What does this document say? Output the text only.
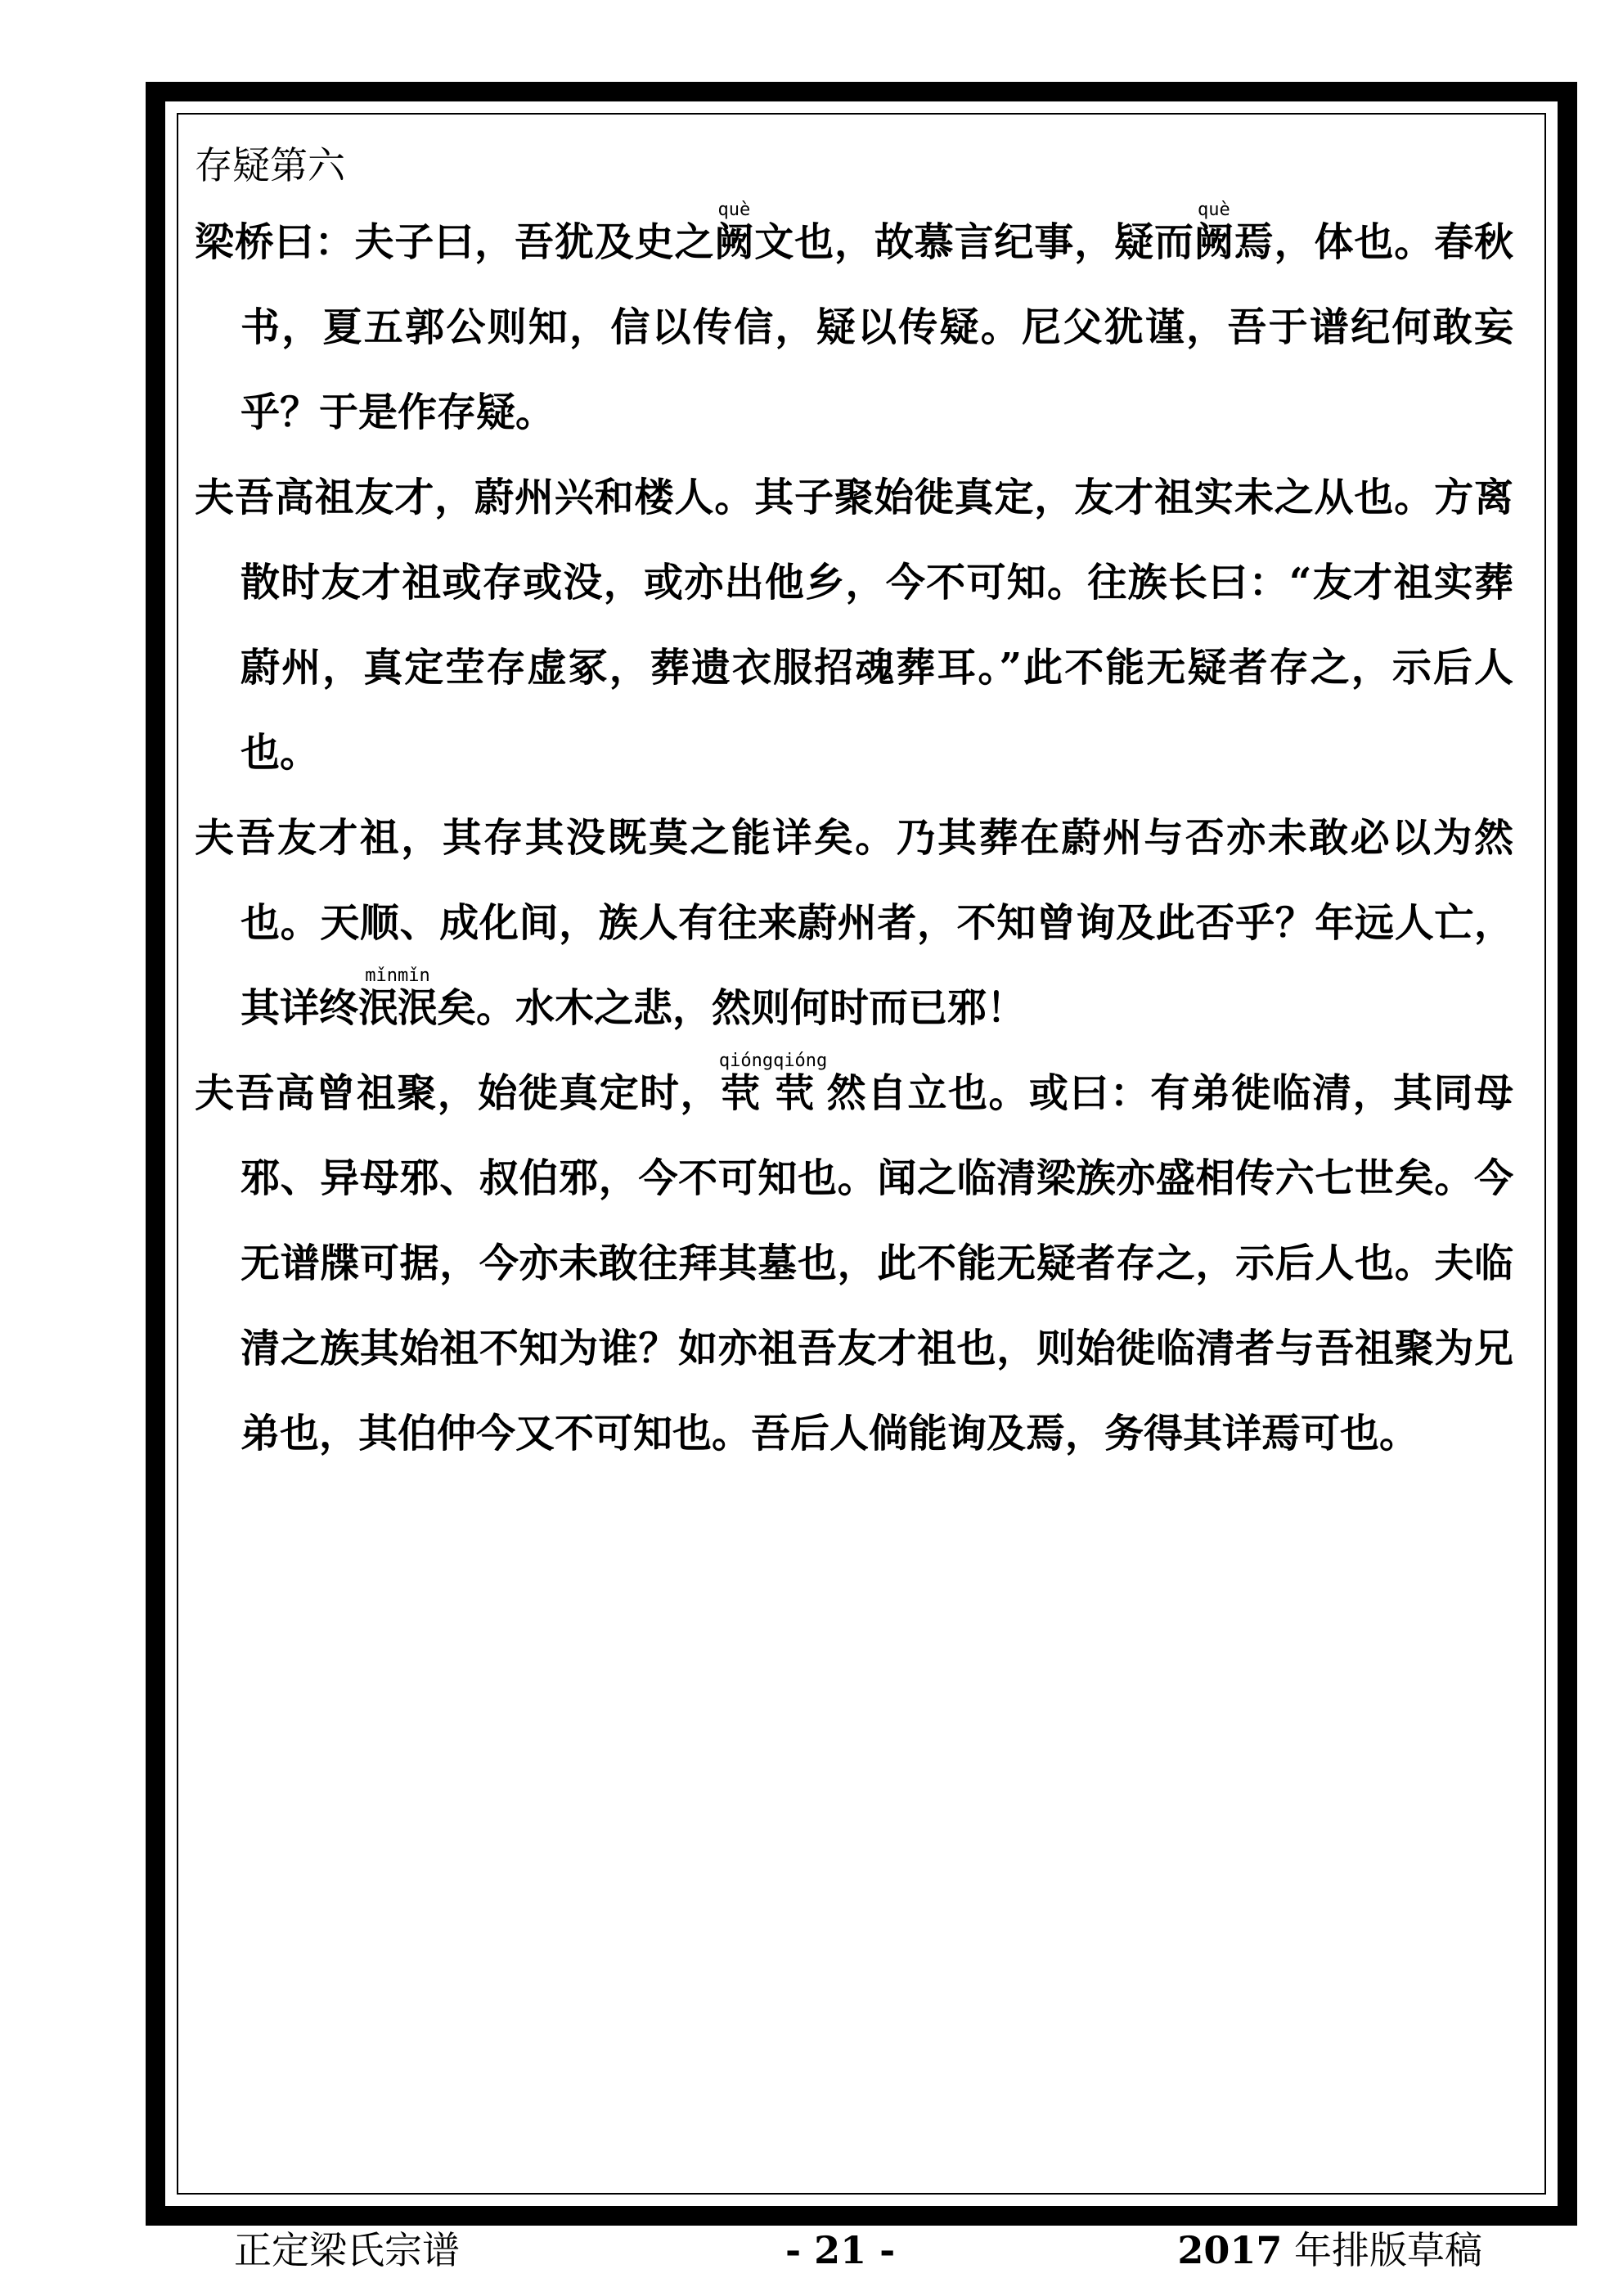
存疑第六

梁桥曰：夫子曰，吾犹及史之阙què文也，故慕言纪事，疑而阙què焉，体也。春秋书，夏五郭公则知，信以传信，疑以传疑。尼父犹谨，吾于谱纪何敢妄乎？于是作存疑。

夫吾高祖友才，蔚州兴和楼人。其子聚始徙真定，友才祖实未之从也。方离散时友才祖或存或没，或亦出他乡，今不可知。往族长曰：“友才祖实葬蔚州，真定茔存虚冢，葬遗衣服招魂葬耳。”此不能无疑者存之，示后人也。

夫吾友才祖，其存其没既莫之能详矣。乃其葬在蔚州与否亦未敢必以为然也。天顺、成化间，族人有往来蔚州者，不知曾询及此否乎？年远人亡，其详终泯泯mǐnmǐn矣。水木之悲，然则何时而已邪！

夫吾高曾祖聚，始徙真定时，茕茕qióngqióng然自立也。或曰：有弟徙临清，其同母邪、异母邪、叔伯邪，今不可知也。闻之临清梁族亦盛相传六七世矣。今无谱牒可据，今亦未敢往拜其墓也，此不能无疑者存之，示后人也。夫临清之族其始祖不知为谁？如亦祖吾友才祖也，则始徙临清者与吾祖聚为兄弟也，其伯仲今又不可知也。吾后人倘能询及焉，务得其详焉可也。

正定梁氏宗谱	- 21 -	2017 年排版草稿
